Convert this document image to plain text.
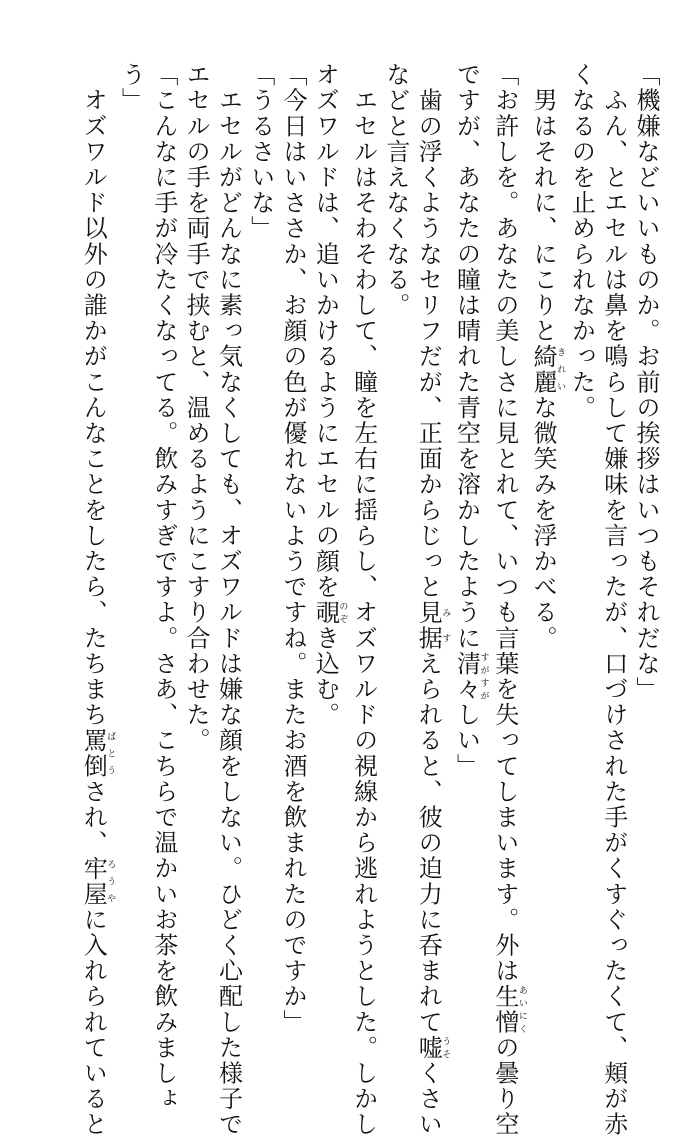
「機嫌などいいものか。お前の挨拶はいつもそれだな」
　ふん、とエセルは鼻を鳴らして嫌味を言ったが、口づけされた手がくすぐったくて、頬が赤
くなるのを止められなかった。
　男はそれに、にこりと綺麗きれいな微笑みを浮かべる。
「お許しを。あなたの美しさに見とれて、いつも言葉を失ってしまいます。外は生憎あいにくの曇り空
ですが、あなたの瞳は晴れた青空を溶かしたように清々すがすがしい」
　歯の浮くようなセリフだが、正面からじっと見据みすえられると、彼の迫力に呑まれて嘘うそくさい
などと言えなくなる。
　エセルはそわそわして、瞳を左右に揺らし、オズワルドの視線から逃れようとした。しかし
オズワルドは、追いかけるようにエセルの顔を覗のぞき込む。
「今日はいささか、お顔の色が優れないようですね。またお酒を飲まれたのですか」
「うるさいな」
　エセルがどんなに素っ気なくしても、オズワルドは嫌な顔をしない。ひどく心配した様子で
エセルの手を両手で挟むと、温めるようにこすり合わせた。
「こんなに手が冷たくなってる。飲みすぎですよ。さあ、こちらで温かいお茶を飲みましょ
う」
　オズワルド以外の誰かがこんなことをしたら、たちまち罵倒ばとうされ、牢屋ろうやに入れられていると
